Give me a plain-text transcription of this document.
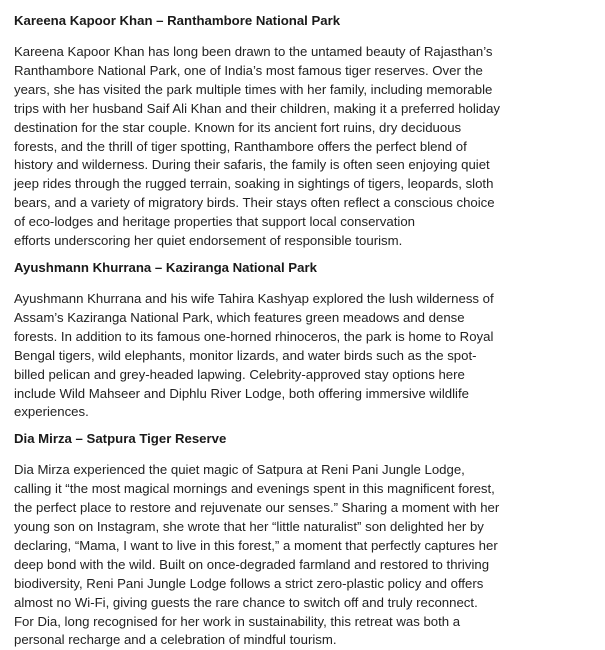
Kareena Kapoor Khan – Ranthambore National Park

Kareena Kapoor Khan has long been drawn to the untamed beauty of Rajasthan’s
Ranthambore National Park, one of India’s most famous tiger reserves. Over the
years, she has visited the park multiple times with her family, including memorable
trips with her husband Saif Ali Khan and their children, making it a preferred holiday
destination for the star couple. Known for its ancient fort ruins, dry deciduous
forests, and the thrill of tiger spotting, Ranthambore offers the perfect blend of
history and wilderness. During their safaris, the family is often seen enjoying quiet
jeep rides through the rugged terrain, soaking in sightings of tigers, leopards, sloth
bears, and a variety of migratory birds. Their stays often reflect a conscious choice
of eco-lodges and heritage properties that support local conservation
efforts underscoring her quiet endorsement of responsible tourism.

Ayushmann Khurrana – Kaziranga National Park

Ayushmann Khurrana and his wife Tahira Kashyap explored the lush wilderness of
Assam’s Kaziranga National Park, which features green meadows and dense
forests. In addition to its famous one-horned rhinoceros, the park is home to Royal
Bengal tigers, wild elephants, monitor lizards, and water birds such as the spot-
billed pelican and grey-headed lapwing. Celebrity-approved stay options here
include Wild Mahseer and Diphlu River Lodge, both offering immersive wildlife
experiences.

Dia Mirza – Satpura Tiger Reserve

Dia Mirza experienced the quiet magic of Satpura at Reni Pani Jungle Lodge,
calling it “the most magical mornings and evenings spent in this magnificent forest,
the perfect place to restore and rejuvenate our senses.” Sharing a moment with her
young son on Instagram, she wrote that her “little naturalist” son delighted her by
declaring, “Mama, I want to live in this forest,” a moment that perfectly captures her
deep bond with the wild. Built on once-degraded farmland and restored to thriving
biodiversity, Reni Pani Jungle Lodge follows a strict zero-plastic policy and offers
almost no Wi-Fi, giving guests the rare chance to switch off and truly reconnect.
For Dia, long recognised for her work in sustainability, this retreat was both a
personal recharge and a celebration of mindful tourism.
